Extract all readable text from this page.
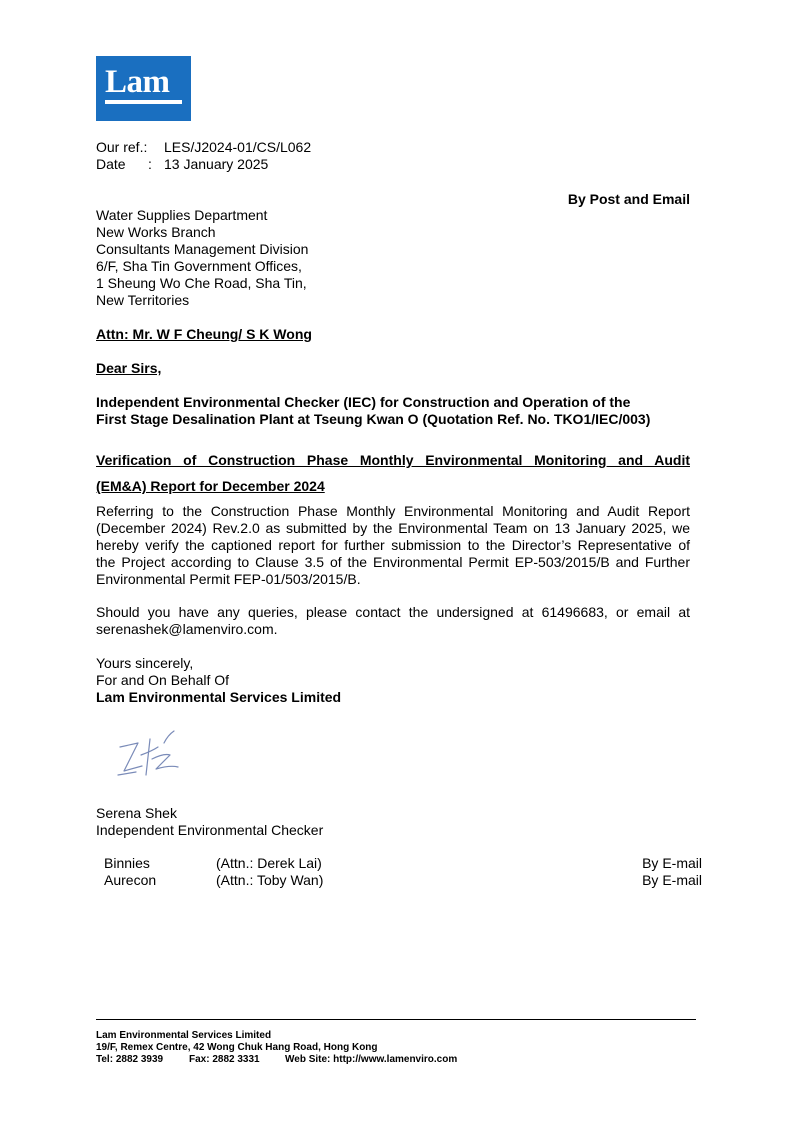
Lam
Our ref.: LES/J2024-01/CS/L062
Date : 13 January 2025
By Post and Email
Water Supplies Department
New Works Branch
Consultants Management Division
6/F, Sha Tin Government Offices,
1 Sheung Wo Che Road, Sha Tin,
New Territories
Attn: Mr. W F Cheung/ S K Wong
Dear Sirs,
Independent Environmental Checker (IEC) for Construction and Operation of the
First Stage Desalination Plant at Tseung Kwan O (Quotation Ref. No. TKO1/IEC/003)
Verification of Construction Phase Monthly Environmental Monitoring and Audit
(EM&A) Report for December 2024
Referring to the Construction Phase Monthly Environmental Monitoring and Audit Report
(December 2024) Rev.2.0 as submitted by the Environmental Team on 13 January 2025, we
hereby verify the captioned report for further submission to the Director’s Representative of
the Project according to Clause 3.5 of the Environmental Permit EP-503/2015/B and Further
Environmental Permit FEP-01/503/2015/B.
Should you have any queries, please contact the undersigned at 61496683, or email at
serenashek@lamenviro.com.
Yours sincerely,
For and On Behalf Of
Lam Environmental Services Limited
Serena Shek
Independent Environmental Checker
Binnies	(Attn.: Derek Lai)	By E-mail
Aurecon	(Attn.: Toby Wan)	By E-mail
Lam Environmental Services Limited
19/F, Remex Centre, 42 Wong Chuk Hang Road, Hong Kong
Tel: 2882 3939	Fax: 2882 3331	Web Site: http://www.lamenviro.com
